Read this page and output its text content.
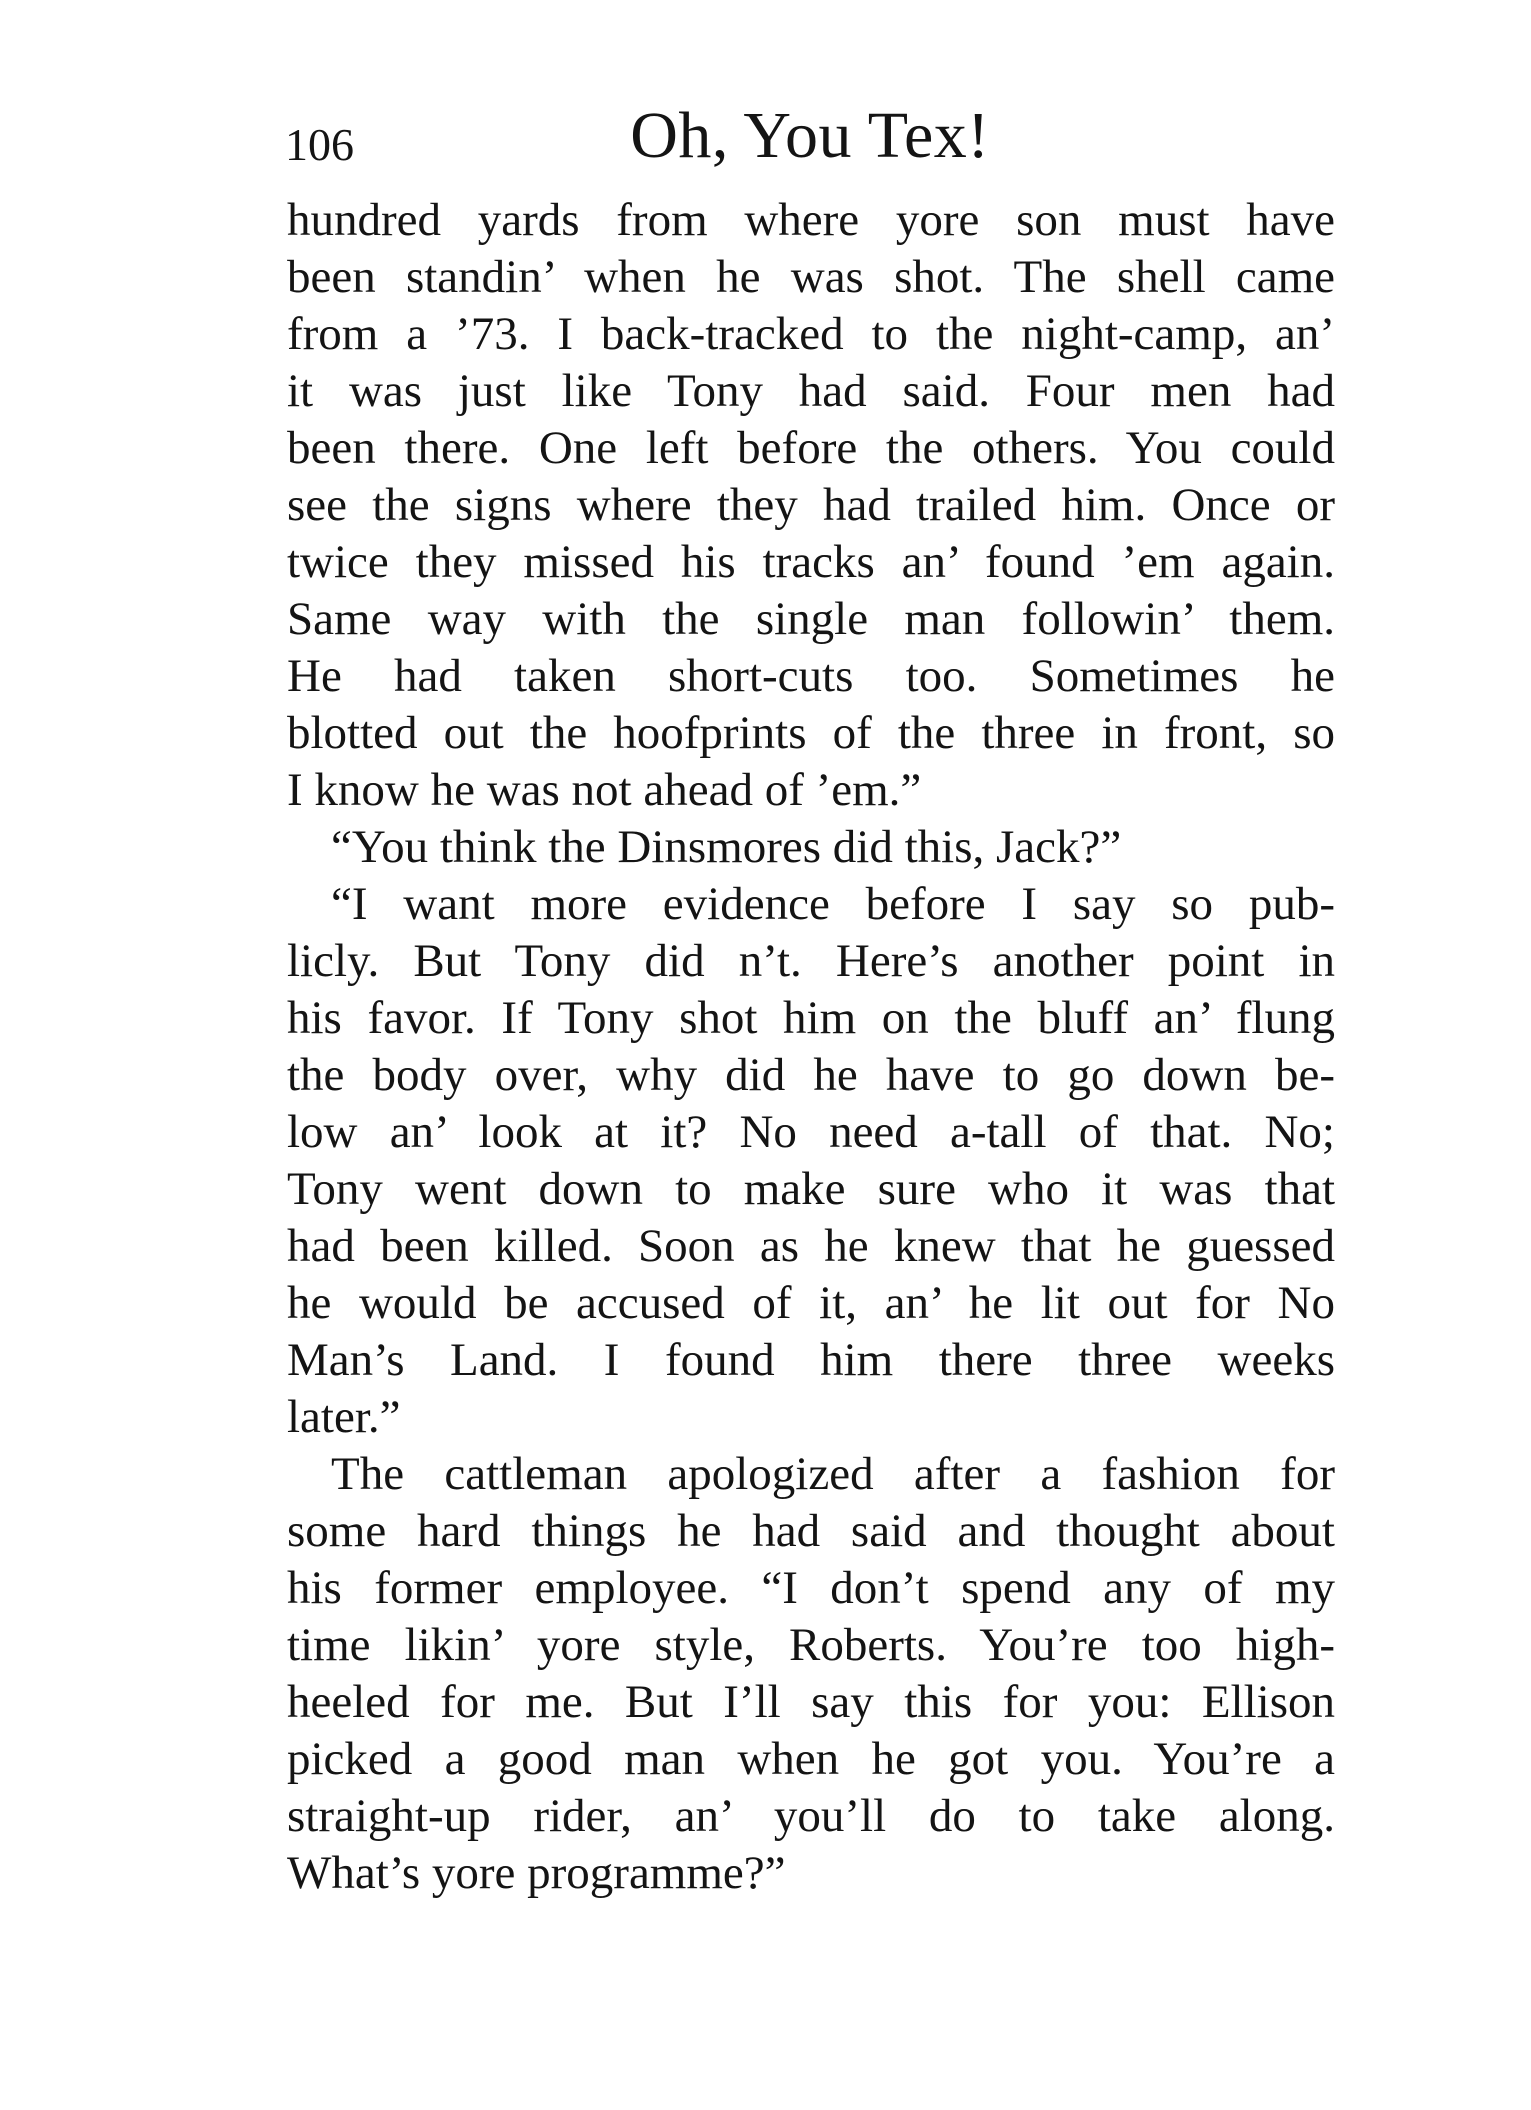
106	Oh, You Tex!
hundred yards from where yore son must have
been standin’ when he was shot. The shell came
from a ’73. I back-tracked to the night-camp, an’
it was just like Tony had said. Four men had
been there. One left before the others. You could
see the signs where they had trailed him. Once or
twice they missed his tracks an’ found ’em again.
Same way with the single man followin’ them.
He had taken short-cuts too. Sometimes he
blotted out the hoofprints of the three in front, so
I know he was not ahead of ’em.”
“You think the Dinsmores did this, Jack?”
“I want more evidence before I say so pub-
licly. But Tony did n’t. Here’s another point in
his favor. If Tony shot him on the bluff an’ flung
the body over, why did he have to go down be-
low an’ look at it? No need a-tall of that. No;
Tony went down to make sure who it was that
had been killed. Soon as he knew that he guessed
he would be accused of it, an’ he lit out for No
Man’s Land. I found him there three weeks
later.”
The cattleman apologized after a fashion for
some hard things he had said and thought about
his former employee. “I don’t spend any of my
time likin’ yore style, Roberts. You’re too high-
heeled for me. But I’ll say this for you: Ellison
picked a good man when he got you. You’re a
straight-up rider, an’ you’ll do to take along.
What’s yore programme?”
